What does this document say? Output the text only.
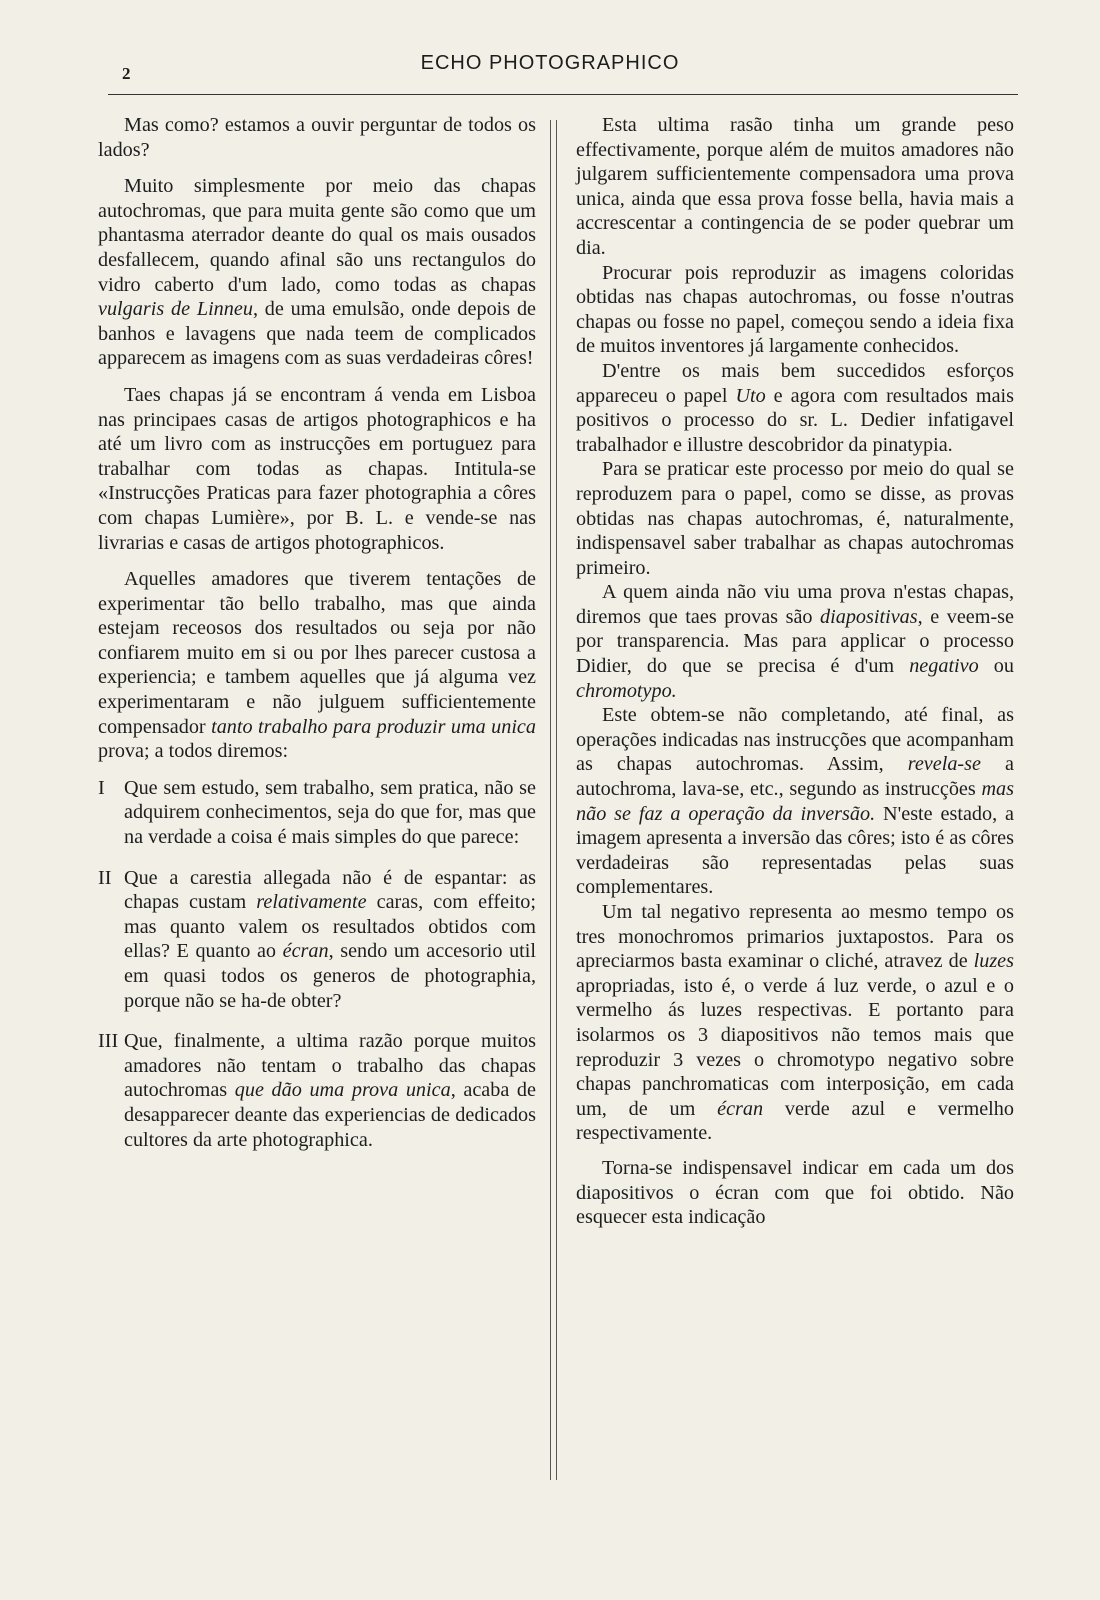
2	ECHO PHOTOGRAPHICO

Mas como? estamos a ouvir perguntar de todos os lados?

Muito simplesmente por meio das chapas autochromas, que para muita gente são como que um phantasma aterrador deante do qual os mais ousados desfallecem, quando afinal são uns rectangulos do vidro caberto d'um lado, como todas as chapas vulgaris de Linneu, de uma emulsão, onde depois de banhos e lavagens que nada teem de complicados apparecem as imagens com as suas verdadeiras côres!

Taes chapas já se encontram á venda em Lisboa nas principaes casas de artigos photographicos e ha até um livro com as instrucções em portuguez para trabalhar com todas as chapas. Intitula-se «Instrucções Praticas para fazer photographia a côres com chapas Lumière», por B. L. e vende-se nas livrarias e casas de artigos photographicos.

Aquelles amadores que tiverem tentações de experimentar tão bello trabalho, mas que ainda estejam receosos dos resultados ou seja por não confiarem muito em si ou por lhes parecer custosa a experiencia; e tambem aquelles que já alguma vez experimentaram e não julguem sufficientemente compensador tanto trabalho para produzir uma unica prova; a todos diremos:

I Que sem estudo, sem trabalho, sem pratica, não se adquirem conhecimentos, seja do que for, mas que na verdade a coisa é mais simples do que parece:
II Que a carestia allegada não é de espantar: as chapas custam relativamente caras, com effeito; mas quanto valem os resultados obtidos com ellas? E quanto ao écran, sendo um accesorio util em quasi todos os generos de photographia, porque não se ha-de obter?
III Que, finalmente, a ultima razão porque muitos amadores não tentam o trabalho das chapas autochromas que dão uma prova unica, acaba de desapparecer deante das experiencias de dedicados cultores da arte photographica.

Esta ultima rasão tinha um grande peso effectivamente, porque além de muitos amadores não julgarem sufficientemente compensadora uma prova unica, ainda que essa prova fosse bella, havia mais a accrescentar a contingencia de se poder quebrar um dia.

Procurar pois reproduzir as imagens coloridas obtidas nas chapas autochromas, ou fosse n'outras chapas ou fosse no papel, começou sendo a ideia fixa de muitos inventores já largamente conhecidos.

D'entre os mais bem succedidos esforços appareceu o papel Uto e agora com resultados mais positivos o processo do sr. L. Dedier infatigavel trabalhador e illustre descobridor da pinatypia.

Para se praticar este processo por meio do qual se reproduzem para o papel, como se disse, as provas obtidas nas chapas autochromas, é, naturalmente, indispensavel saber trabalhar as chapas autochromas primeiro.

A quem ainda não viu uma prova n'estas chapas, diremos que taes provas são diapositivas, e veem-se por transparencia. Mas para applicar o processo Didier, do que se precisa é d'um negativo ou chromotypo.

Este obtem-se não completando, até final, as operações indicadas nas instrucções que acompanham as chapas autochromas. Assim, revela-se a autochroma, lava-se, etc., segundo as instrucções mas não se faz a operação da inversão. N'este estado, a imagem apresenta a inversão das côres; isto é as côres verdadeiras são representadas pelas suas complementares.

Um tal negativo representa ao mesmo tempo os tres monochromos primarios juxtapostos. Para os apreciarmos basta examinar o cliché, atravez de luzes apropriadas, isto é, o verde á luz verde, o azul e o vermelho ás luzes respectivas. E portanto para isolarmos os 3 diapositivos não temos mais que reproduzir 3 vezes o chromotypo negativo sobre chapas panchromaticas com interposição, em cada um, de um écran verde azul e vermelho respectivamente.

Torna-se indispensavel indicar em cada um dos diapositivos o écran com que foi obtido. Não esquecer esta indicação
